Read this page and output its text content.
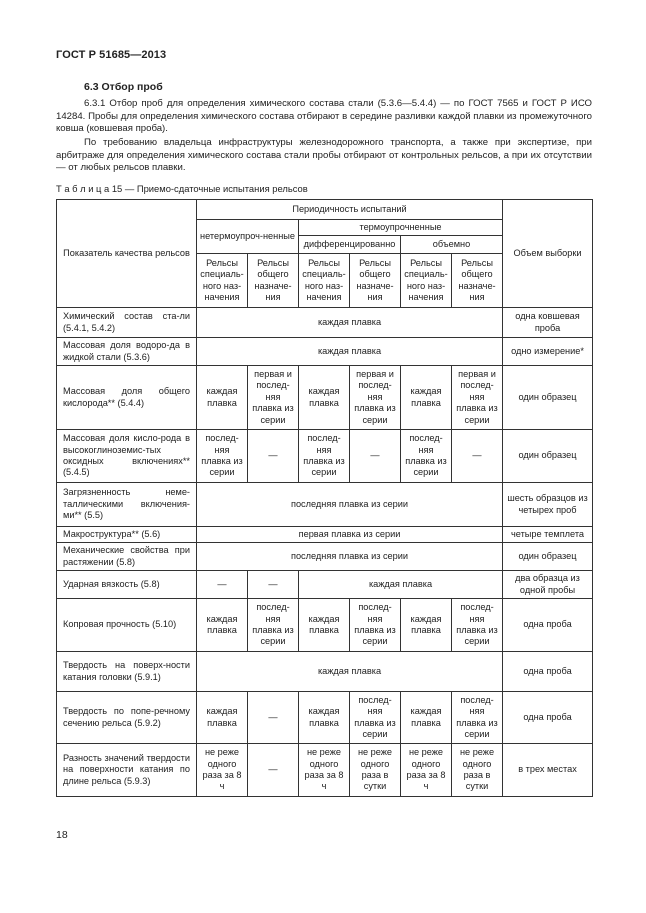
ГОСТ Р 51685—2013
6.3 Отбор проб
6.3.1 Отбор проб для определения химического состава стали (5.3.6—5.4.4) — по ГОСТ 7565 и ГОСТ Р ИСО 14284. Пробы для определения химического состава отбирают в середине разливки каждой плавки из промежуточного ковша (ковшевая проба).
По требованию владельца инфраструктуры железнодорожного транспорта, а также при экспертизе, при арбитраже для определения химического состава стали пробы отбирают от контрольных рельсов, а при их отсутствии — от любых рельсов плавки.
Т а б л и ц а 15 — Приемо-сдаточные испытания рельсов
Показатель качества рельсов	Периодичность испытаний						Объем выборки
	нетермоупроч-ненные		термоупрочненные				
			дифференцированно		объемно		
	Рельсы специаль-ного наз-начения	Рельсы общего назначе-ния	Рельсы специаль-ного наз-начения	Рельсы общего назначе-ния	Рельсы специаль-ного наз-начения	Рельсы общего назначе-ния	
Химический состав ста-ли (5.4.1, 5.4.2)	каждая плавка						одна ковшевая проба
Массовая доля водоро-да в жидкой стали (5.3.6)	каждая плавка						одно измерение*
Массовая доля общего кислорода** (5.4.4)	каждая плавка	первая и послед-няя плавка из серии	каждая плавка	первая и послед-няя плавка из серии	каждая плавка	первая и послед-няя плавка из серии	один образец
Массовая доля кисло-рода в высокоглиноземис-тых оксидных включениях** (5.4.5)	послед-няя плавка из серии	—	послед-няя плавка из серии	—	послед-няя плавка из серии	—	один образец
Загрязненность немe-таллическими включения-ми** (5.5)	последняя плавка из серии						шесть образцов из четырех проб
Макроструктура** (5.6)	первая плавка из серии						четыре темплета
Механические свойства при растяжении (5.8)	последняя плавка из серии						один образец
Ударная вязкость (5.8)	—	—	каждая плавка				два образца из одной пробы
Копровая прочность (5.10)	каждая плавка	послед-няя плавка из серии	каждая плавка	послед-няя плавка из серии	каждая плавка	послед-няя плавка из серии	одна проба
Твердость на поверх-ности катания головки (5.9.1)	каждая плавка						одна проба
Твердость по попе-речному сечению рельса (5.9.2)	каждая плавка	—	каждая плавка	послед-няя плавка из серии	каждая плавка	послед-няя плавка из серии	одна проба
Разность значений твердости на поверхности катания по длине рельса (5.9.3)	не реже одного раза за 8 ч	—	не реже одного раза за 8 ч	не реже одного раза в сутки	не реже одного раза за 8 ч	не реже одного раза в сутки	в трех местах
18
